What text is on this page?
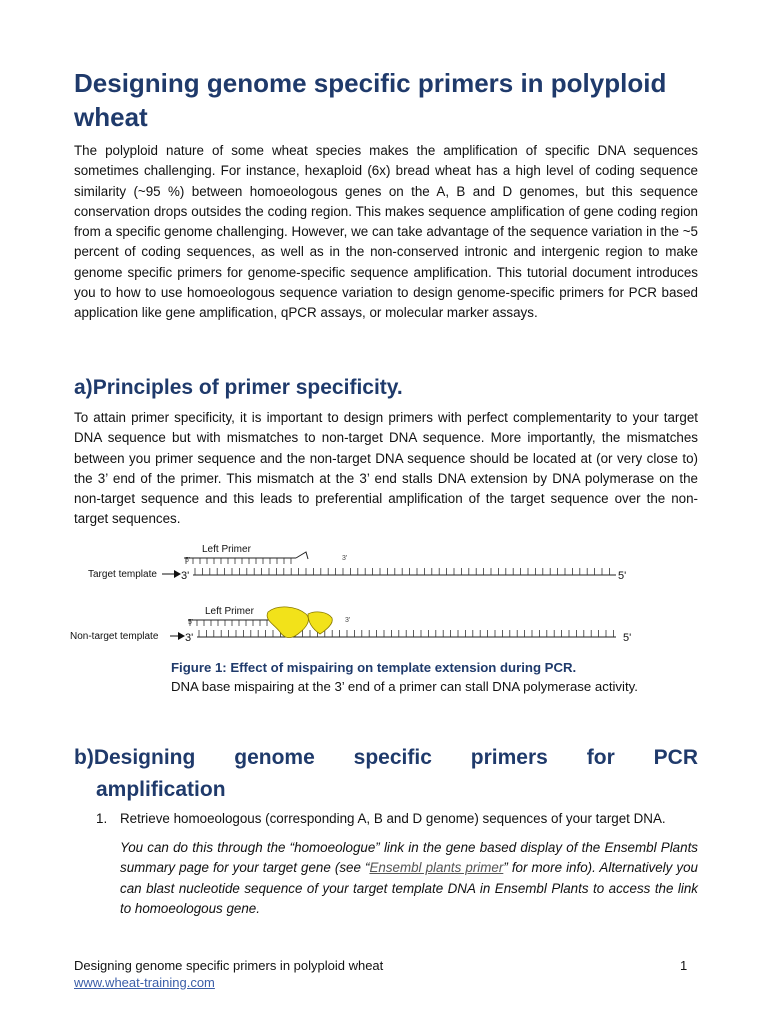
Designing genome specific primers in polyploid wheat

The polyploid nature of some wheat species makes the amplification of specific DNA sequences sometimes challenging. For instance, hexaploid (6x) bread wheat has a high level of coding sequence similarity (~95 %) between homoeologous genes on the A, B and D genomes, but this sequence conservation drops outsides the coding region. This makes sequence amplification of gene coding region from a specific genome challenging. However, we can take advantage of the sequence variation in the ~5 percent of coding sequences, as well as in the non-conserved intronic and intergenic region to make genome specific primers for genome-specific sequence amplification. This tutorial document introduces you to how to use homoeologous sequence variation to design genome-specific primers for PCR based application like gene amplification, qPCR assays, or molecular marker assays.

a)Principles of primer specificity.

To attain primer specificity, it is important to design primers with perfect complementarity to your target DNA sequence but with mismatches to non-target DNA sequence. More importantly, the mismatches between you primer sequence and the non-target DNA sequence should be located at (or very close to) the 3’ end of the primer. This mismatch at the 3’ end stalls DNA extension by DNA polymerase on the non-target sequence and this leads to preferential amplification of the target sequence over the non-target sequences.

Left Primer
5'	3'
Target template 3'	5'
Left Primer
5'	3'
Non-target template 3'	5'
Figure 1: Effect of mispairing on template extension during PCR.
DNA base mispairing at the 3’ end of a primer can stall DNA polymerase activity.
b)Designing genome specific primers for PCR
amplification
1. Retrieve homoeologous (corresponding A, B and D genome) sequences of your target DNA.

You can do this through the “homoeologue” link in the gene based display of the Ensembl Plants summary page for your target gene (see “Ensembl plants primer” for more info). Alternatively you can blast nucleotide sequence of your target template DNA in Ensembl Plants to access the link to homoeologous gene.

Designing genome specific primers in polyploid wheat	1
www.wheat-training.com
